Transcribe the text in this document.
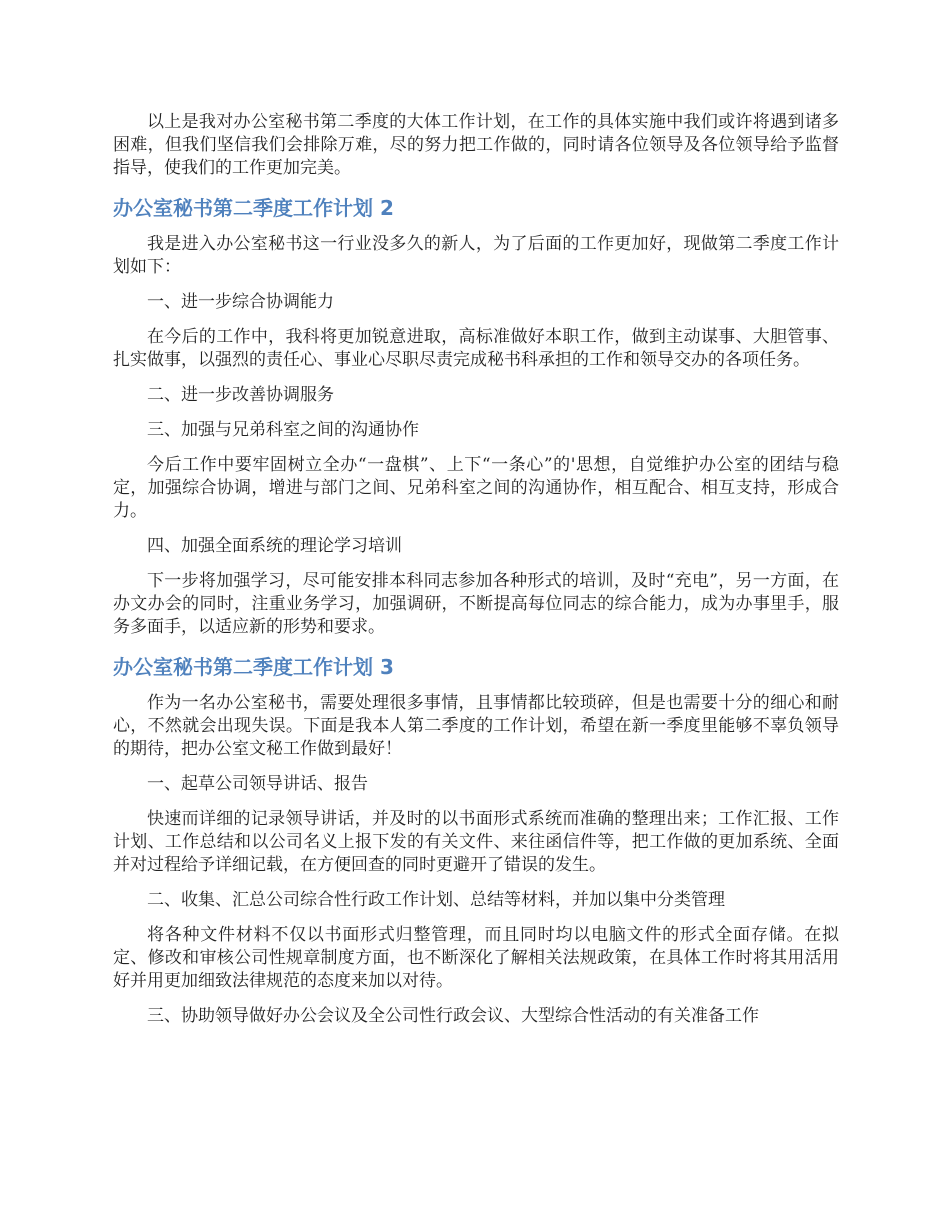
以上是我对办公室秘书第二季度的大体工作计划，在工作的具体实施中我们或许将遇到诸多困难，但我们坚信我们会排除万难，尽的努力把工作做的，同时请各位领导及各位领导给予监督指导，使我们的工作更加完美。

办公室秘书第二季度工作计划 2

我是进入办公室秘书这一行业没多久的新人，为了后面的工作更加好，现做第二季度工作计划如下：

一、进一步综合协调能力

在今后的工作中，我科将更加锐意进取，高标准做好本职工作，做到主动谋事、大胆管事、扎实做事，以强烈的责任心、事业心尽职尽责完成秘书科承担的工作和领导交办的各项任务。

二、进一步改善协调服务

三、加强与兄弟科室之间的沟通协作

今后工作中要牢固树立全办“一盘棋”、上下“一条心”的'思想，自觉维护办公室的团结与稳定，加强综合协调，增进与部门之间、兄弟科室之间的沟通协作，相互配合、相互支持，形成合力。

四、加强全面系统的理论学习培训

下一步将加强学习，尽可能安排本科同志参加各种形式的培训，及时“充电”，另一方面，在办文办会的同时，注重业务学习，加强调研，不断提高每位同志的综合能力，成为办事里手，服务多面手，以适应新的形势和要求。

办公室秘书第二季度工作计划 3

作为一名办公室秘书，需要处理很多事情，且事情都比较琐碎，但是也需要十分的细心和耐心，不然就会出现失误。下面是我本人第二季度的工作计划，希望在新一季度里能够不辜负领导的期待，把办公室文秘工作做到最好！

一、起草公司领导讲话、报告

快速而详细的记录领导讲话，并及时的以书面形式系统而准确的整理出来；工作汇报、工作计划、工作总结和以公司名义上报下发的有关文件、来往函信件等，把工作做的更加系统、全面并对过程给予详细记载，在方便回查的同时更避开了错误的发生。

二、收集、汇总公司综合性行政工作计划、总结等材料，并加以集中分类管理

将各种文件材料不仅以书面形式归整管理，而且同时均以电脑文件的形式全面存储。在拟定、修改和审核公司性规章制度方面，也不断深化了解相关法规政策，在具体工作时将其用活用好并用更加细致法律规范的态度来加以对待。

三、协助领导做好办公会议及全公司性行政会议、大型综合性活动的有关准备工作
